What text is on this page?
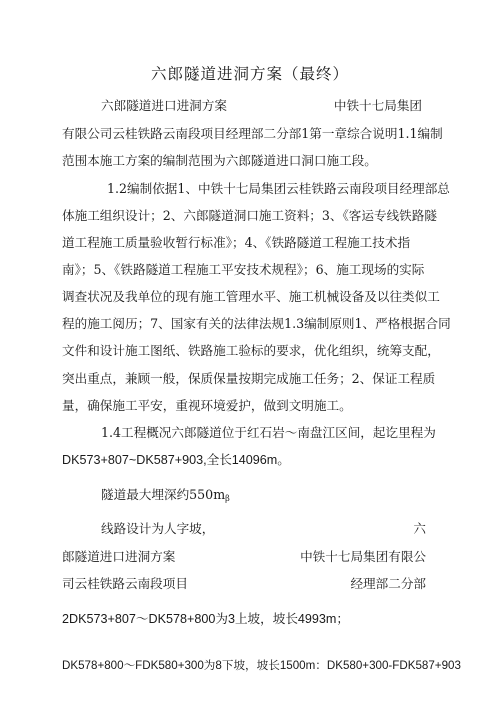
六郎隧道进洞方案（最终）
六郎隧道进口进洞方案	中铁十七局集团
有限公司云桂铁路云南段项目经理部二分部1第一章综合说明1.1编制
范围本施工方案的编制范围为六郎隧道进口洞口施工段。
1.2编制依据1、中铁十七局集团云桂铁路云南段项目经理部总
体施工组织设计；2、六郎隧道洞口施工资料；3、《客运专线铁路隧
道工程施工质量验收暂行标准》；4、《铁路隧道工程施工技术指
南》；5、《铁路隧道工程施工平安技术规程》；6、施工现场的实际
调查状况及我单位的现有施工管理水平、施工机械设备及以往类似工
程的施工阅历；7、国家有关的法律法规1.3编制原则1、严格根据合同
文件和设计施工图纸、铁路施工验标的要求，优化组织，统筹支配，
突出重点，兼顾一般，保质保量按期完成施工任务；2、保证工程质
量，确保施工平安，重视环境爱护，做到文明施工。
1.4工程概况六郎隧道位于红石岩～南盘江区间，起讫里程为
DK573+807~DK587+903,全长14096m。
隧道最大埋深约$550m_\beta$
线路设计为人字坡，	六
郎隧道进口进洞方案	中铁十七局集团有限公
司云桂铁路云南段项目	经理部二分部
2DK573+807～DK578+800为3上坡，坡长4993m；
DK578+800～FDK580+300为8下坡，坡长1500m：DK580+300-FDK587+903
